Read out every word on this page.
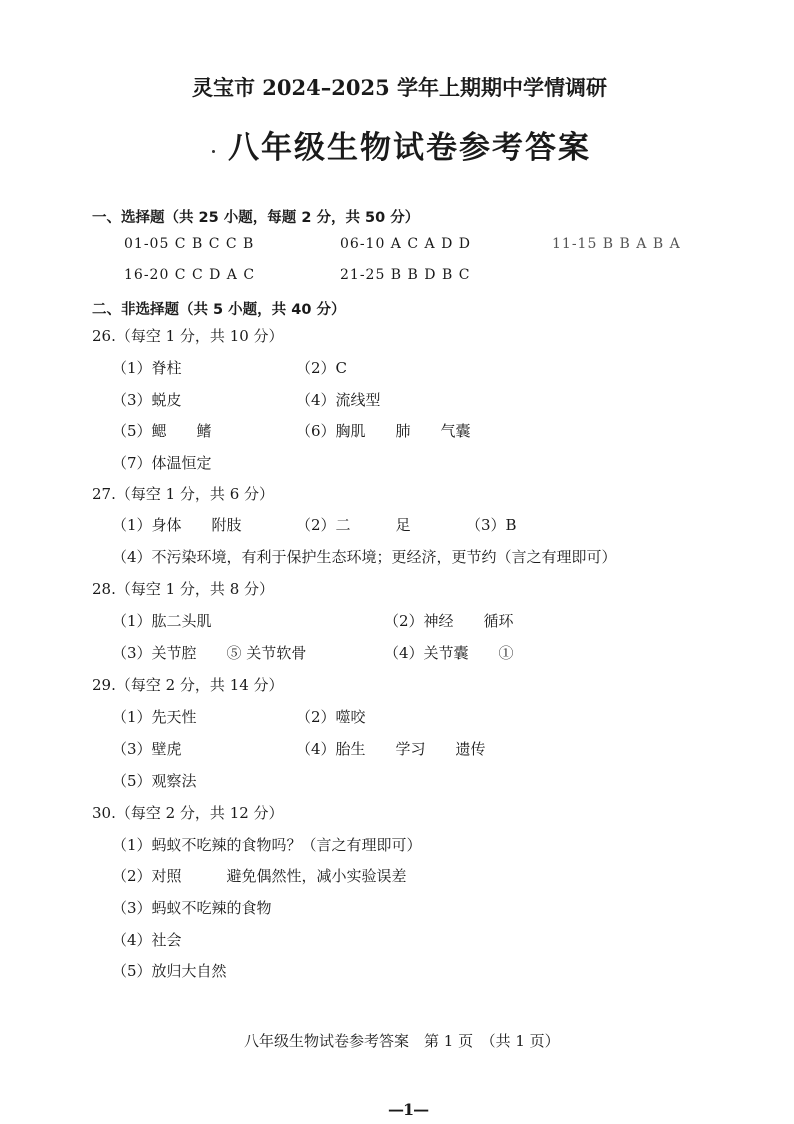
灵宝市 2024–2025 学年上期期中学情调研
八年级生物试卷参考答案
一、选择题（共 25 小题，每题 2 分，共 50 分）
01-05 C B C C B	06-10 A C A D D	11-15 B B A B A
16-20 C C D A C	21-25 B B D B C
二、非选择题（共 5 小题，共 40 分）
26.（每空 1 分，共 10 分）
（1）脊柱	（2）C
（3）蜕皮	（4）流线型
（5）鳃　　鳍	（6）胸肌　　肺　　气囊
（7）体温恒定
27.（每空 1 分，共 6 分）
（1）身体　　附肢	（2）二　　　足	（3）B
（4）不污染环境，有利于保护生态环境；更经济，更节约（言之有理即可）
28.（每空 1 分，共 8 分）
（1）肱二头肌	（2）神经　　循环
（3）关节腔　　⑤ 关节软骨	（4）关节囊　　①
29.（每空 2 分，共 14 分）
（1）先天性	（2）噬咬
（3）壁虎	（4）胎生　　学习　　遗传
（5）观察法
30.（每空 2 分，共 12 分）
（1）蚂蚁不吃辣的食物吗？（言之有理即可）
（2）对照　　　避免偶然性，减小实验误差
（3）蚂蚁不吃辣的食物
（4）社会
（5）放归大自然
八年级生物试卷参考答案　第 1 页　（共 1 页）
—1—
